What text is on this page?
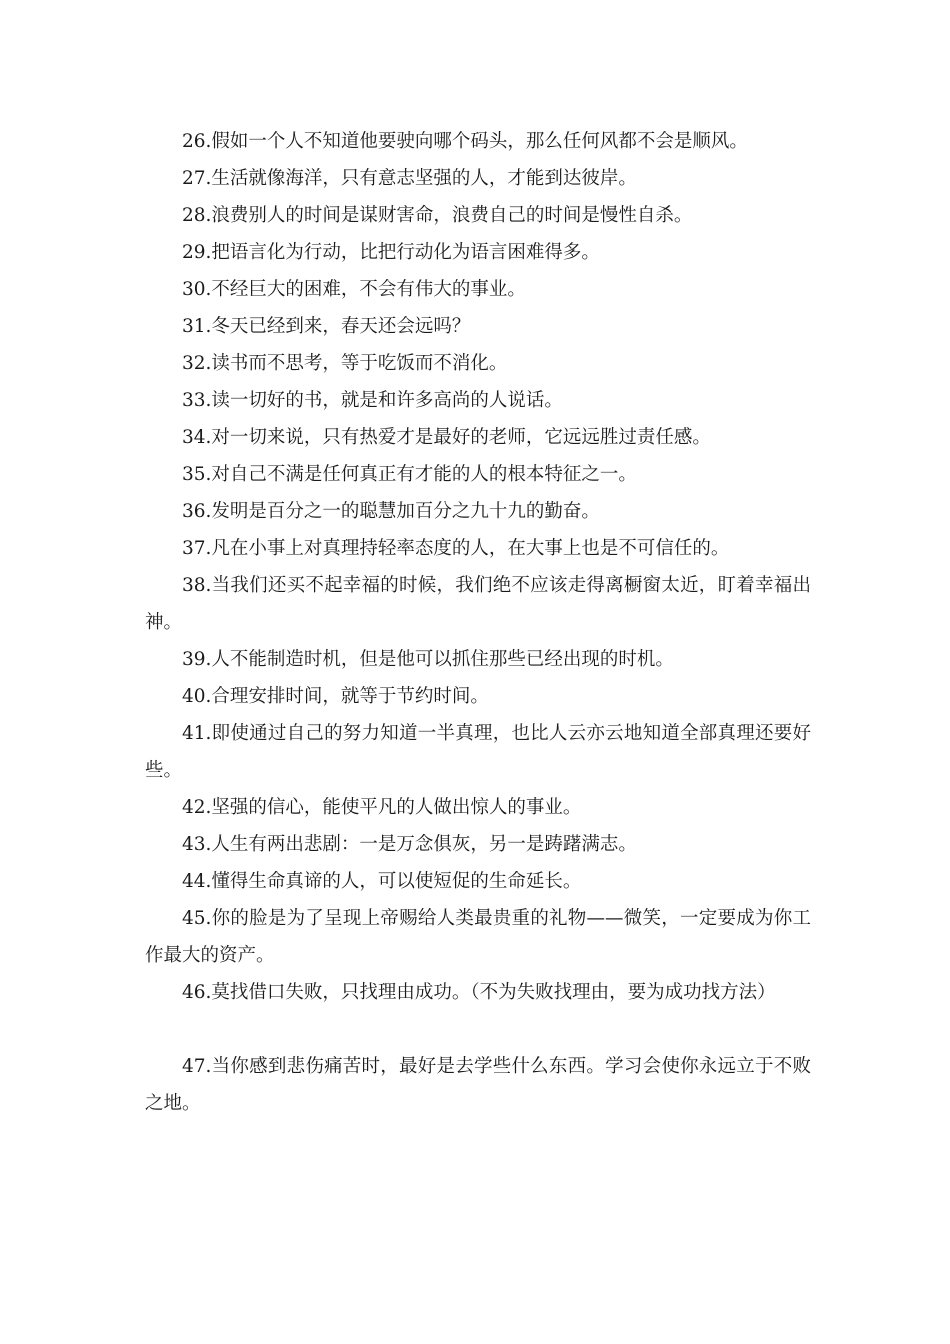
26.假如一个人不知道他要驶向哪个码头，那么任何风都不会是顺风。

27.生活就像海洋，只有意志坚强的人，才能到达彼岸。

28.浪费别人的时间是谋财害命，浪费自己的时间是慢性自杀。

29.把语言化为行动，比把行动化为语言困难得多。

30.不经巨大的困难，不会有伟大的事业。

31.冬天已经到来，春天还会远吗？

32.读书而不思考，等于吃饭而不消化。

33.读一切好的书，就是和许多高尚的人说话。

34.对一切来说，只有热爱才是最好的老师，它远远胜过责任感。

35.对自己不满是任何真正有才能的人的根本特征之一。

36.发明是百分之一的聪慧加百分之九十九的勤奋。

37.凡在小事上对真理持轻率态度的人，在大事上也是不可信任的。

38.当我们还买不起幸福的时候，我们绝不应该走得离橱窗太近，盯着幸福出神。

39.人不能制造时机，但是他可以抓住那些已经出现的时机。

40.合理安排时间，就等于节约时间。

41.即使通过自己的努力知道一半真理，也比人云亦云地知道全部真理还要好些。

42.坚强的信心，能使平凡的人做出惊人的事业。

43.人生有两出悲剧：一是万念俱灰，另一是踌躇满志。

44.懂得生命真谛的人，可以使短促的生命延长。

45.你的脸是为了呈现上帝赐给人类最贵重的礼物——微笑，一定要成为你工作最大的资产。

46.莫找借口失败，只找理由成功。（不为失败找理由，要为成功找方法）

47.当你感到悲伤痛苦时，最好是去学些什么东西。学习会使你永远立于不败之地。
